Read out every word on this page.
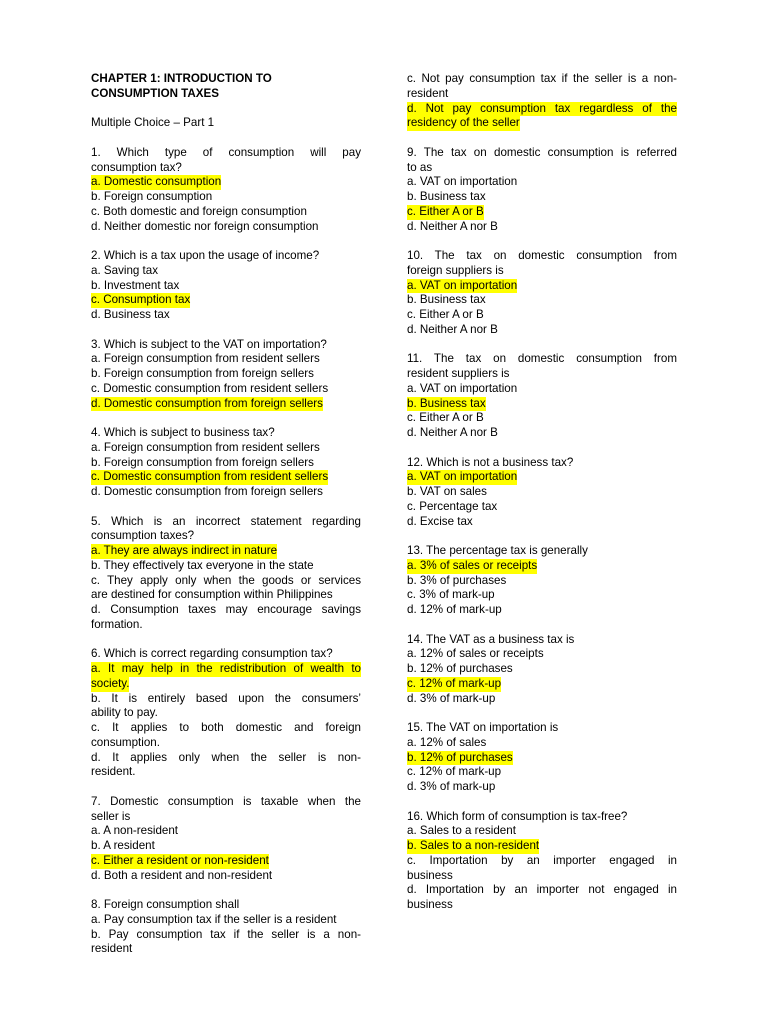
CHAPTER 1: INTRODUCTION TO
CONSUMPTION TAXES
Multiple Choice – Part 1
1. Which type of consumption will pay
consumption tax?
a. Domestic consumption
b. Foreign consumption
c. Both domestic and foreign consumption
d. Neither domestic nor foreign consumption
2. Which is a tax upon the usage of income?
a. Saving tax
b. Investment tax
c. Consumption tax
d. Business tax
3. Which is subject to the VAT on importation?
a. Foreign consumption from resident sellers
b. Foreign consumption from foreign sellers
c. Domestic consumption from resident sellers
d. Domestic consumption from foreign sellers
4. Which is subject to business tax?
a. Foreign consumption from resident sellers
b. Foreign consumption from foreign sellers
c. Domestic consumption from resident sellers
d. Domestic consumption from foreign sellers
5. Which is an incorrect statement regarding
consumption taxes?
a. They are always indirect in nature
b. They effectively tax everyone in the state
c. They apply only when the goods or services
are destined for consumption within Philippines
d. Consumption taxes may encourage savings
formation.
6. Which is correct regarding consumption tax?
a. It may help in the redistribution of wealth to
society.
b. It is entirely based upon the consumers’
ability to pay.
c. It applies to both domestic and foreign
consumption.
d. It applies only when the seller is non-
resident.
7. Domestic consumption is taxable when the
seller is
a. A non-resident
b. A resident
c. Either a resident or non-resident
d. Both a resident and non-resident
8. Foreign consumption shall
a. Pay consumption tax if the seller is a resident
b. Pay consumption tax if the seller is a non-
resident
c. Not pay consumption tax if the seller is a non-
resident
d. Not pay consumption tax regardless of the
residency of the seller
9. The tax on domestic consumption is referred
to as
a. VAT on importation
b. Business tax
c. Either A or B
d. Neither A nor B
10. The tax on domestic consumption from
foreign suppliers is
a. VAT on importation
b. Business tax
c. Either A or B
d. Neither A nor B
11. The tax on domestic consumption from
resident suppliers is
a. VAT on importation
b. Business tax
c. Either A or B
d. Neither A nor B
12. Which is not a business tax?
a. VAT on importation
b. VAT on sales
c. Percentage tax
d. Excise tax
13. The percentage tax is generally
a. 3% of sales or receipts
b. 3% of purchases
c. 3% of mark-up
d. 12% of mark-up
14. The VAT as a business tax is
a. 12% of sales or receipts
b. 12% of purchases
c. 12% of mark-up
d. 3% of mark-up
15. The VAT on importation is
a. 12% of sales
b. 12% of purchases
c. 12% of mark-up
d. 3% of mark-up
16. Which form of consumption is tax-free?
a. Sales to a resident
b. Sales to a non-resident
c. Importation by an importer engaged in
business
d. Importation by an importer not engaged in
business
